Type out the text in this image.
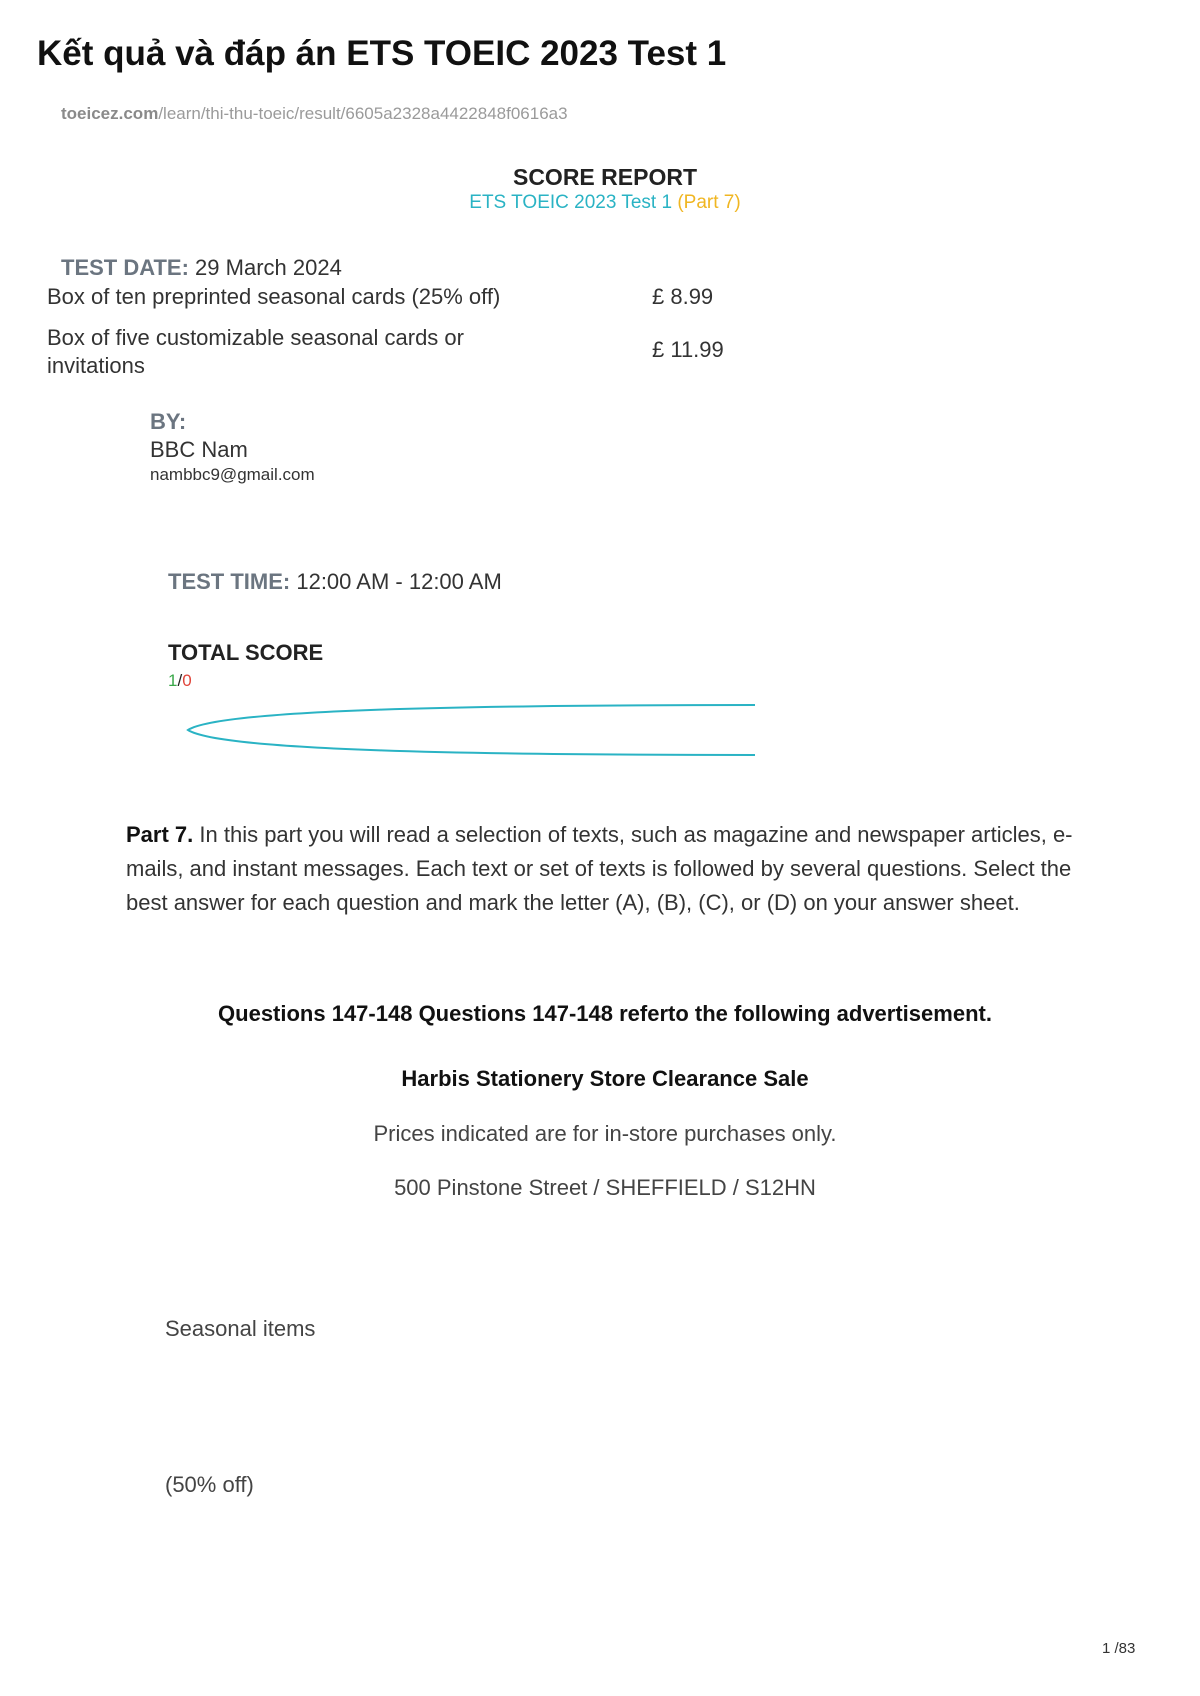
Kết quả và đáp án ETS TOEIC 2023 Test 1
toeicez.com/learn/thi-thu-toeic/result/6605a2328a4422848f0616a3
SCORE REPORT
ETS TOEIC 2023 Test 1 (Part 7)
TEST DATE: 29 March 2024
Box of ten preprinted seasonal cards (25% off)	£ 8.99
Box of ﬁve customizable seasonal cards or
invitations
£ 11.99
BY:
BBC Nam
nambbc9@gmail.com
TEST TIME: 12:00 AM - 12:00 AM
TOTAL SCORE
1/0
Part 7. In this part you will read a selection of texts, such as magazine and newspaper articles, e-mails, and instant messages. Each text or set of texts is followed by several questions. Select the best answer for each question and mark the letter (A), (B), (C), or (D) on your answer sheet.
Questions 147-148 Questions 147-148 referto the following advertisement.
Harbis Stationery Store Clearance Sale
Prices indicated are for in-store purchases only.
500 Pinstone Street / SHEFFIELD / S12HN
Seasonal items
(50% off)
1 /83
